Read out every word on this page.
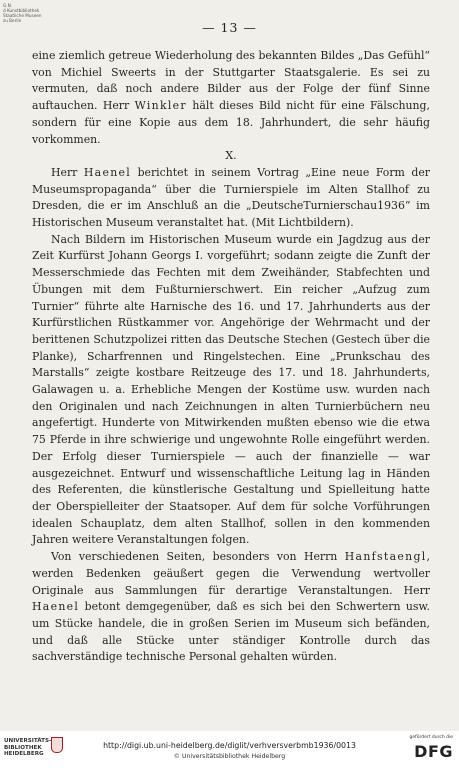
G.N.
d Kunstbibliothek
Staatliche Museen
zu Berlin	— 13 —

eine ziemlich getreue Wiederholung des bekannten Bildes „Das Gefühl“ von Michiel Sweerts in der Stuttgarter Staatsgalerie. Es sei zu vermuten, daß noch andere Bilder aus der Folge der fünf Sinne auftauchen. Herr Winkler hält dieses Bild nicht für eine Fälschung, sondern für eine Kopie aus dem 18. Jahrhundert, die sehr häufig vorkommen.

X.

Herr Haenel berichtet in seinem Vortrag „Eine neue Form der Museumspropaganda“ über die Turnierspiele im Alten Stallhof zu Dresden, die er im Anschluß an die „DeutscheTurnierschau1936“ im Historischen Museum veranstaltet hat. (Mit Lichtbildern).

Nach Bildern im Historischen Museum wurde ein Jagdzug aus der Zeit Kurfürst Johann Georgs I. vorgeführt; sodann zeigte die Zunft der Messerschmiede das Fechten mit dem Zweihänder, Stabfechten und Übungen mit dem Fußturnierschwert. Ein reicher „Aufzug zum Turnier“ führte alte Harnische des 16. und 17. Jahrhunderts aus der Kurfürstlichen Rüstkammer vor. Angehörige der Wehrmacht und der berittenen Schutzpolizei ritten das Deutsche Stechen (Gestech über die Planke), Scharfrennen und Ringelstechen. Eine „Prunkschau des Marstalls“ zeigte kostbare Reitzeuge des 17. und 18. Jahrhunderts, Galawagen u. a. Erhebliche Mengen der Kostüme usw. wurden nach den Originalen und nach Zeichnungen in alten Turnierbüchern neu angefertigt. Hunderte von Mitwirkenden mußten ebenso wie die etwa 75 Pferde in ihre schwierige und ungewohnte Rolle eingeführt werden. Der Erfolg dieser Turnierspiele — auch der finanzielle — war ausgezeichnet. Entwurf und wissenschaftliche Leitung lag in Händen des Referenten, die künstlerische Gestaltung und Spielleitung hatte der Oberspielleiter der Staatsoper. Auf dem für solche Vorführungen idealen Schauplatz, dem alten Stallhof, sollen in den kommenden Jahren weitere Veranstaltungen folgen.

Von verschiedenen Seiten, besonders von Herrn Hanfstaengl, werden Bedenken geäußert gegen die Verwendung wertvoller Originale aus Sammlungen für derartige Veranstaltungen. Herr Haenel betont demgegenüber, daß es sich bei den Schwertern usw. um Stücke handele, die in großen Serien im Museum sich befänden, und daß alle Stücke unter ständiger Kontrolle durch das sachverständige technische Personal gehalten würden.

UNIVERSITÄTS-
BIBLIOTHEK
HEIDELBERG
http://digi.ub.uni-heidelberg.de/diglit/verhversverbmb1936/0013
© Universitätsbibliothek Heidelberg
gefördert durch die
DFG
